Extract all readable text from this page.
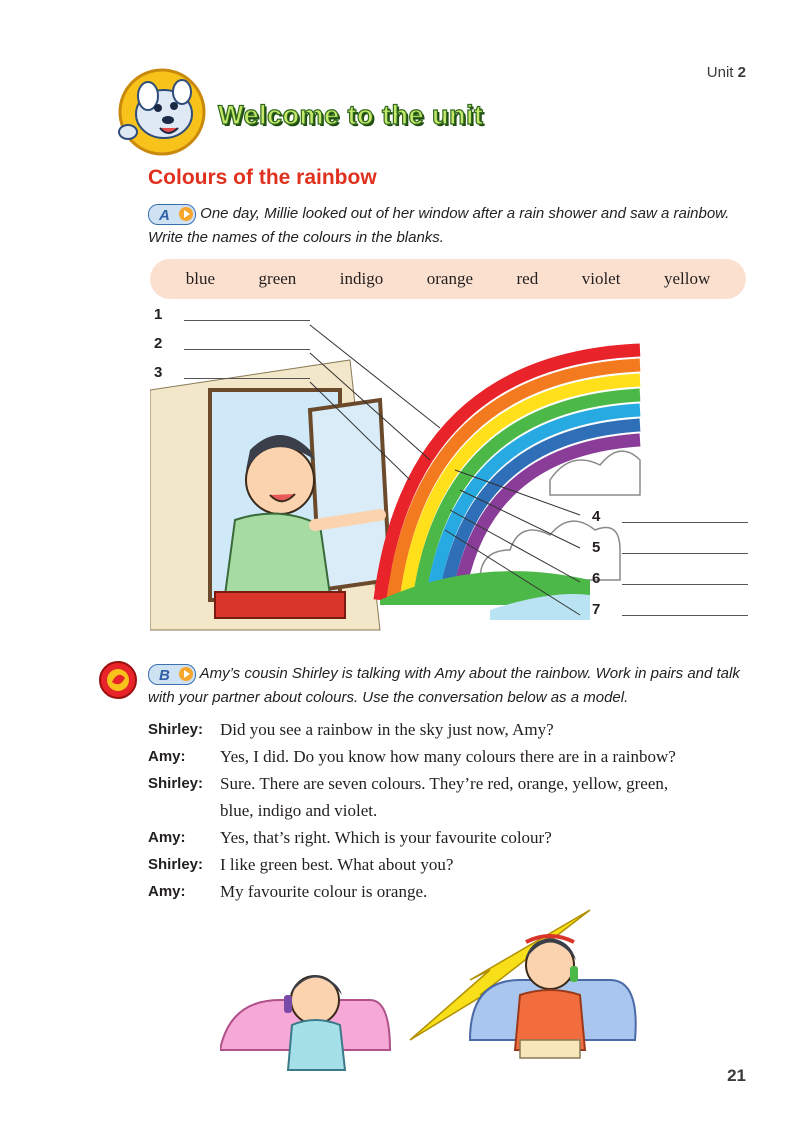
Unit 2
Welcome to the unit
Colours of the rainbow
A One day, Millie looked out of her window after a rain shower and saw a rainbow. Write the names of the colours in the blanks.
blue	green	indigo	orange	red	violet	yellow
1
2
3
4
5
6
7
B Amy’s cousin Shirley is talking with Amy about the rainbow. Work in pairs and talk with your partner about colours. Use the conversation below as a model.
Shirley: Did you see a rainbow in the sky just now, Amy?
Amy:	Yes, I did. Do you know how many colours there are in a rainbow?
Shirley: Sure. There are seven colours. They’re red, orange, yellow, green,
blue, indigo and violet.
Amy:	Yes, that’s right. Which is your favourite colour?
Shirley: I like green best. What about you?
Amy:	My favourite colour is orange.
21
